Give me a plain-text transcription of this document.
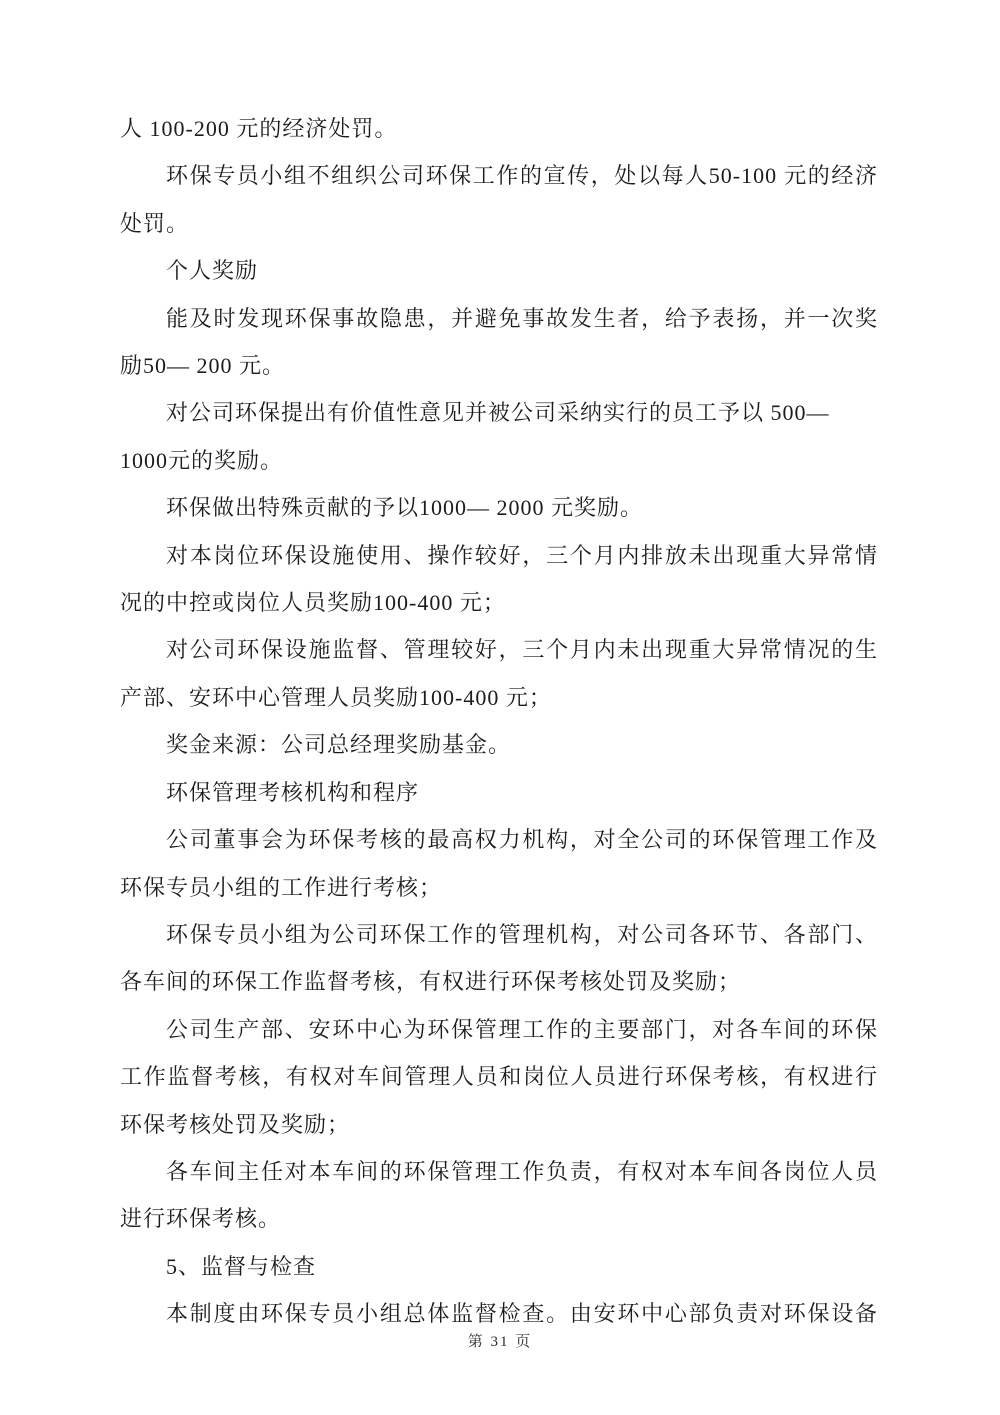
人 100-200 元的经济处罚。
环保专员小组不组织公司环保工作的宣传，处以每人50-100 元的经济
处罚。
个人奖励
能及时发现环保事故隐患，并避免事故发生者，给予表扬，并一次奖
励50— 200 元。
对公司环保提出有价值性意见并被公司采纳实行的员工予以 500—
1000元的奖励。
环保做出特殊贡献的予以1000— 2000 元奖励。
对本岗位环保设施使用、操作较好，三个月内排放未出现重大异常情
况的中控或岗位人员奖励100-400 元；
对公司环保设施监督、管理较好，三个月内未出现重大异常情况的生
产部、安环中心管理人员奖励100-400 元；
奖金来源：公司总经理奖励基金。
环保管理考核机构和程序
公司董事会为环保考核的最高权力机构，对全公司的环保管理工作及
环保专员小组的工作进行考核；
环保专员小组为公司环保工作的管理机构，对公司各环节、各部门、
各车间的环保工作监督考核，有权进行环保考核处罚及奖励；
公司生产部、安环中心为环保管理工作的主要部门，对各车间的环保
工作监督考核，有权对车间管理人员和岗位人员进行环保考核，有权进行
环保考核处罚及奖励；
各车间主任对本车间的环保管理工作负责，有权对本车间各岗位人员
进行环保考核。
5、监督与检查
本制度由环保专员小组总体监督检查。由安环中心部负责对环保设备
第 31 页
